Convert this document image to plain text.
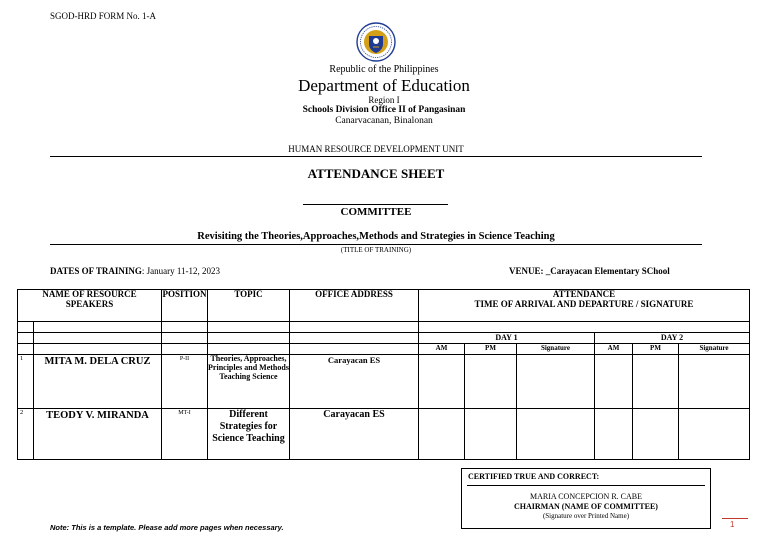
SGOD-HRD FORM No. 1-A
Republic of the Philippines
Department of Education
Region I
Schools Division Office II of Pangasinan
Canarvacanan, Binalonan
HUMAN RESOURCE DEVELOPMENT UNIT
ATTENDANCE SHEET
COMMITTEE
Revisiting the Theories,Approaches,Methods and Strategies in Science Teaching
(TITLE OF TRAINING)
DATES OF TRAINING: January 11-12, 2023	VENUE: _Carayacan Elementary SChool
NAME OF RESOURCE SPEAKERS		POSITION	TOPIC	OFFICE ADDRESS	ATTENDANCE
TIME OF ARRIVAL AND DEPARTURE / SIGNATURE					

					DAY 1			DAY 2		
					AM	PM	Signature	AM	PM	Signature
1	MITA M. DELA CRUZ	P-II	Theories, Approaches, Principles and Methods Teaching Science	Carayacan ES						
2	TEODY V. MIRANDA	MT-I	Different Strategies for Science Teaching	Carayacan ES						
CERTIFIED TRUE AND CORRECT:
MARIA CONCEPCION R. CABE
CHAIRMAN (NAME OF COMMITTEE)
(Signature over Printed Name)
Note: This is a template. Please add more pages when necessary.	1
